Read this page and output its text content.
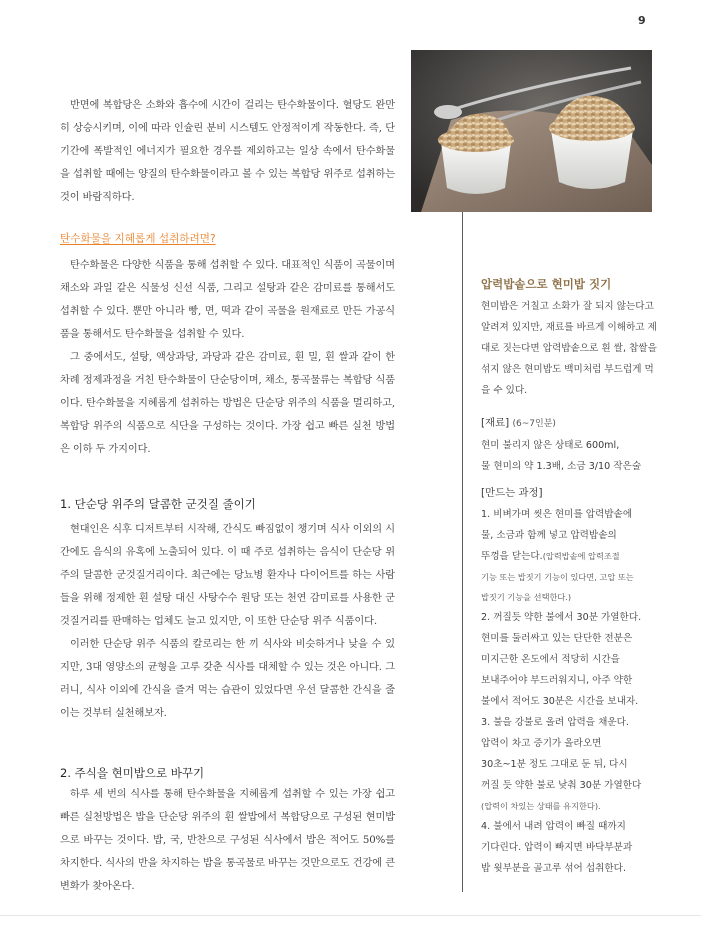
9

반면에 복합당은 소화와 흡수에 시간이 걸리는 탄수화물이다. 혈당도 완만히 상승시키며, 이에 따라 인슐린 분비 시스템도 안정적이게 작동한다. 즉, 단기간에 폭발적인 에너지가 필요한 경우를 제외하고는 일상 속에서 탄수화물을 섭취할 때에는 양질의 탄수화물이라고 볼 수 있는 복합당 위주로 섭취하는 것이 바람직하다.

탄수화물을 지혜롭게 섭취하려면?

탄수화물은 다양한 식품을 통해 섭취할 수 있다. 대표적인 식품이 곡물이며 채소와 과일 같은 식물성 신선 식품, 그리고 설탕과 같은 감미료를 통해서도 섭취할 수 있다. 뿐만 아니라 빵, 면, 떡과 같이 곡물을 원재료로 만든 가공식품을 통해서도 탄수화물을 섭취할 수 있다.

그 중에서도, 설탕, 액상과당, 과당과 같은 감미료, 흰 밀, 흰 쌀과 같이 한차례 정제과정을 거친 탄수화물이 단순당이며, 채소, 통곡물류는 복합당 식품이다. 탄수화물을 지혜롭게 섭취하는 방법은 단순당 위주의 식품을 멀리하고, 복합당 위주의 식품으로 식단을 구성하는 것이다. 가장 쉽고 빠른 실천 방법은 이하 두 가지이다.

1. 단순당 위주의 달콤한 군것질 줄이기

현대인은 식후 디저트부터 시작해, 간식도 빠짐없이 챙기며 식사 이외의 시간에도 음식의 유혹에 노출되어 있다. 이 때 주로 섭취하는 음식이 단순당 위주의 달콤한 군것질거리이다. 최근에는 당뇨병 환자나 다이어트를 하는 사람들을 위해 정제한 흰 설탕 대신 사탕수수 원당 또는 천연 감미료를 사용한 군것질거리를 판매하는 업체도 늘고 있지만, 이 또한 단순당 위주 식품이다.

이러한 단순당 위주 식품의 칼로리는 한 끼 식사와 비슷하거나 낮을 수 있지만, 3대 영양소의 균형을 고루 갖춘 식사를 대체할 수 있는 것은 아니다. 그러니, 식사 이외에 간식을 즐겨 먹는 습관이 있었다면 우선 달콤한 간식을 줄이는 것부터 실천해보자.

2. 주식을 현미밥으로 바꾸기

하루 세 번의 식사를 통해 탄수화물을 지혜롭게 섭취할 수 있는 가장 쉽고 빠른 실천방법은 밥을 단순당 위주의 흰 쌀밥에서 복합당으로 구성된 현미밥으로 바꾸는 것이다. 밥, 국, 반찬으로 구성된 식사에서 밥은 적어도 50%를 차지한다. 식사의 반을 차지하는 밥을 통곡물로 바꾸는 것만으로도 건강에 큰 변화가 찾아온다.

압력밥솥으로 현미밥 짓기

현미밥은 거칠고 소화가 잘 되지 않는다고 알려져 있지만, 재료를 바르게 이해하고 제대로 짓는다면 압력밥솥으로 흰 쌀, 찹쌀을 섞지 않은 현미밥도 백미처럼 부드럽게 먹을 수 있다.

[재료] (6~7인분)

현미 불리지 않은 상태로 600ml,

물 현미의 약 1.3배, 소금 3/10 작은술

[만드는 과정]

1. 비벼가며 씻은 현미를 압력밥솥에

물, 소금과 함께 넣고 압력밥솥의

뚜껑을 닫는다.(압력밥솥에 압력조절

기능 또는 밥짓기 기능이 있다면, 고압 또는

밥짓기 기능을 선택한다.)

2. 꺼질듯 약한 불에서 30분 가열한다.

현미를 둘러싸고 있는 단단한 전분은

미지근한 온도에서 적당히 시간을

보내주어야 부드러워지니, 아주 약한

불에서 적어도 30분은 시간을 보내자.

3. 불을 강불로 올려 압력을 채운다.

압력이 차고 증기가 올라오면

30초~1분 정도 그대로 둔 뒤, 다시

꺼질 듯 약한 불로 낮춰 30분 가열한다

(압력이 차있는 상태를 유지한다).

4. 불에서 내려 압력이 빠질 때까지

기다린다. 압력이 빠지면 바닥부분과

밥 윗부분을 골고루 섞어 섭취한다.
